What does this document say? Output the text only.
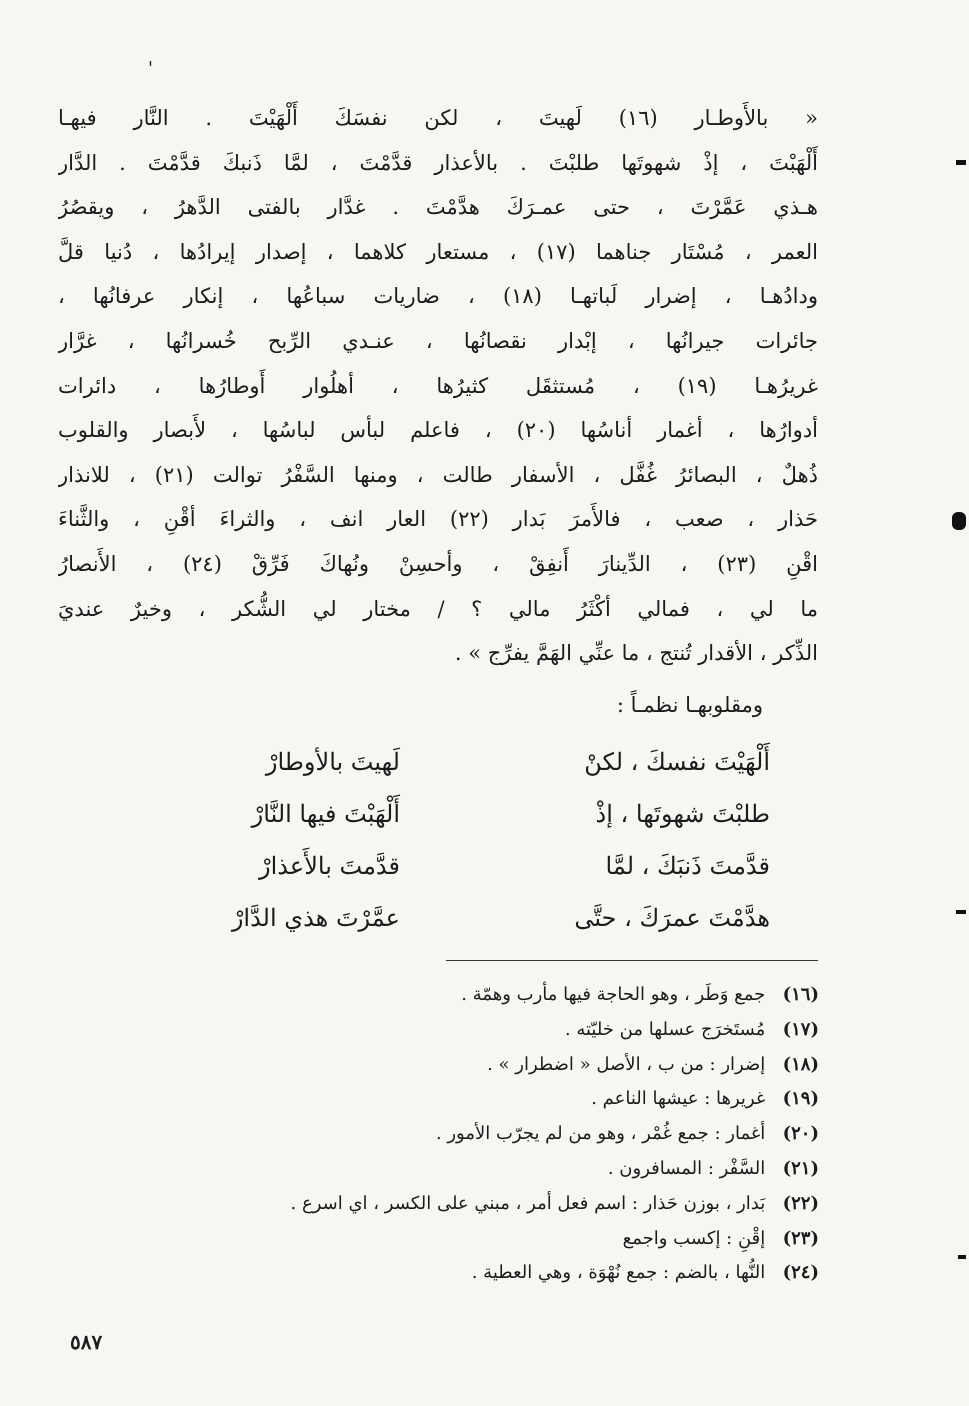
'
« بالأَوطـار (١٦) لَهيتَ ، لكن نفسَكَ أَلْهَيْتَ . النَّار فيهـا
أَلْهَبْتَ ، إذْ شهوتَها طلبْتَ . بالأعذار قدَّمْتَ ، لمَّا ذَنبكَ قدَّمْتَ . الدَّار
هـذي عَمَّرْتَ ، حتى عمـرَكَ هدَّمْتَ . غدَّار بالفتى الدَّهرُ ، ويقصُرُ
العمر ، مُسْتَار جناهما (١٧) ، مستعار كلاهما ، إصدار إيرادُها ، دُنيا قلَّ
ودادُهـا ، إضرار لَباتهـا (١٨) ، ضاريات سباعُها ، إنكار عرفانُها ،
جائرات جيرانُها ، إبْدار نقصانُها ، عنـدي الرِّبح خُسرانُها ، غرَّار
غريرُهـا (١٩) ، مُستثقَل كثيرُها ، أهلُوار أَوطارُها ، دائرات
أدوارُها ، أغمار أناسُها (٢٠) ، فاعلم لبأس لباسُها ، لأَبصار والقلوب
ذُهلٌ ، البصائرُ غُفَّل ، الأسفار طالت ، ومنها السَّفْرُ توالت (٢١) ، للانذار
حَذار ، صعب ، فالأَمرَ بَدار (٢٢) العار انف ، والثراءَ أقْنِ ، والثَّناءَ
اقْنِ (٢٣) ، الدِّينارَ أَنفِقْ ، وأحسِنْ ونُهاكَ فَرِّقْ (٢٤) ، الأَنصارُ
ما لي ، فمالي أكْثَرُ مالي ؟ / مختار لي الشُّكر ، وخيرٌ عنديَ
الذِّكر ، الأقدار تُنتج ، ما عنِّي الهَمَّ يفرِّج » .
ومقلوبهـا نظمـاً :
أَلْهَيْتَ نفسكَ ، لكنْ
لَهيتَ بالأوطارْ
طلبْتَ شهوتَها ، إذْ
أَلْهَبْتَ فيها النَّارْ
قدَّمتَ ذَنبَكَ ، لمَّا
قدَّمتَ بالأَعذارْ
هدَّمْتَ عمرَكَ ، حتَّى
عمَّرْتَ هذي الدَّارْ
(١٦) جمع وَطَر ، وهو الحاجة فيها مأرب وهمّة .
(١٧) مُستَخرَج عسلها من خليّته .
(١٨) إضرار : من ب ، الأصل « اضطرار » .
(١٩) غريرها : عيشها الناعم .
(٢٠) أغمار : جمع غُمْر ، وهو من لم يجرّب الأمور .
(٢١) السَّفْر : المسافرون .
(٢٢) بَدار ، بوزن حَذار : اسم فعل أمر ، مبني على الكسر ، اي اسرع .
(٢٣) إقْنِ : إكسب واجمع
(٢٤) النُّها ، بالضم : جمع نُهْوَة ، وهي العطية .
٥٨٧
